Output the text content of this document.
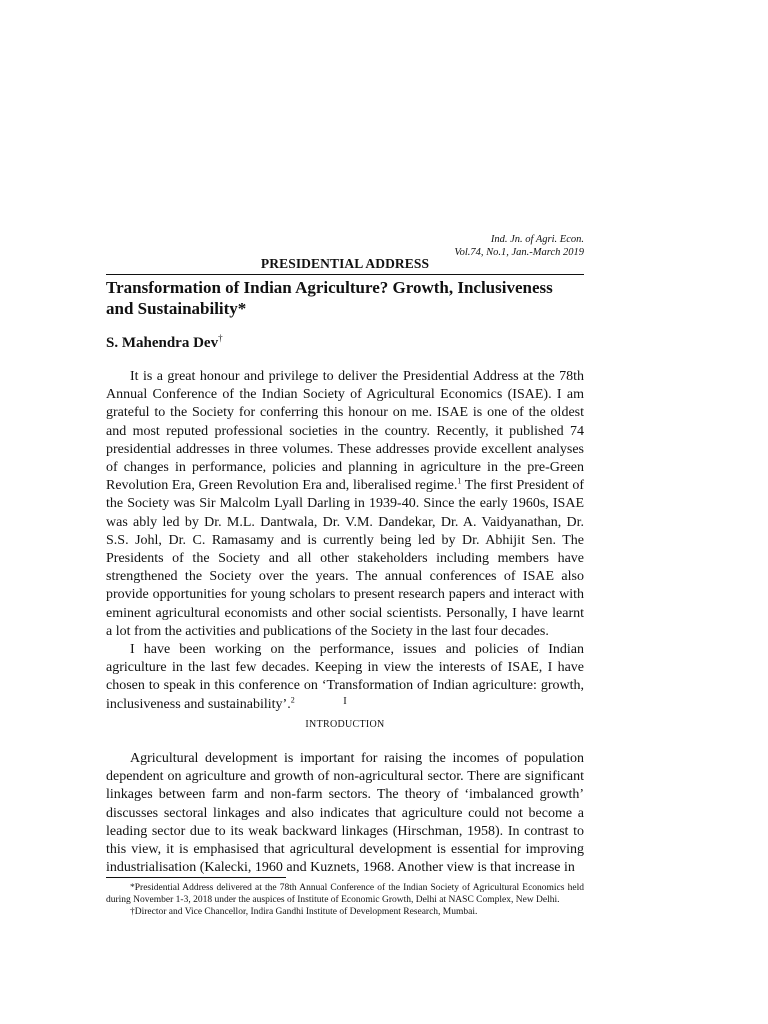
Ind. Jn. of Agri. Econ.
Vol.74, No.1, Jan.-March 2019
PRESIDENTIAL ADDRESS
Transformation of Indian Agriculture? Growth, Inclusiveness and Sustainability*
S. Mahendra Dev†

It is a great honour and privilege to deliver the Presidential Address at the 78th Annual Conference of the Indian Society of Agricultural Economics (ISAE). I am grateful to the Society for conferring this honour on me. ISAE is one of the oldest and most reputed professional societies in the country. Recently, it published 74 presidential addresses in three volumes. These addresses provide excellent analyses of changes in performance, policies and planning in agriculture in the pre-Green Revolution Era, Green Revolution Era and, liberalised regime.$^1$ The first President of the Society was Sir Malcolm Lyall Darling in 1939-40. Since the early 1960s, ISAE was ably led by Dr. M.L. Dantwala, Dr. V.M. Dandekar, Dr. A. Vaidyanathan, Dr. S.S. Johl, Dr. C. Ramasamy and is currently being led by Dr. Abhijit Sen. The Presidents of the Society and all other stakeholders including members have strengthened the Society over the years. The annual conferences of ISAE also provide opportunities for young scholars to present research papers and interact with eminent agricultural economists and other social scientists. Personally, I have learnt a lot from the activities and publications of the Society in the last four decades.

I have been working on the performance, issues and policies of Indian agriculture in the last few decades. Keeping in view the interests of ISAE, I have chosen to speak in this conference on ‘Transformation of Indian agriculture: growth, inclusiveness and sustainability’.$^2$	I
INTRODUCTION

Agricultural development is important for raising the incomes of population dependent on agriculture and growth of non-agricultural sector. There are significant linkages between farm and non-farm sectors. The theory of ‘imbalanced growth’ discusses sectoral linkages and also indicates that agriculture could not become a leading sector due to its weak backward linkages (Hirschman, 1958). In contrast to this view, it is emphasised that agricultural development is essential for improving industrialisation (Kalecki, 1960 and Kuznets, 1968. Another view is that increase in

*Presidential Address delivered at the 78th Annual Conference of the Indian Society of Agricultural Economics held during November 1-3, 2018 under the auspices of Institute of Economic Growth, Delhi at NASC Complex, New Delhi.

†Director and Vice Chancellor, Indira Gandhi Institute of Development Research, Mumbai.
